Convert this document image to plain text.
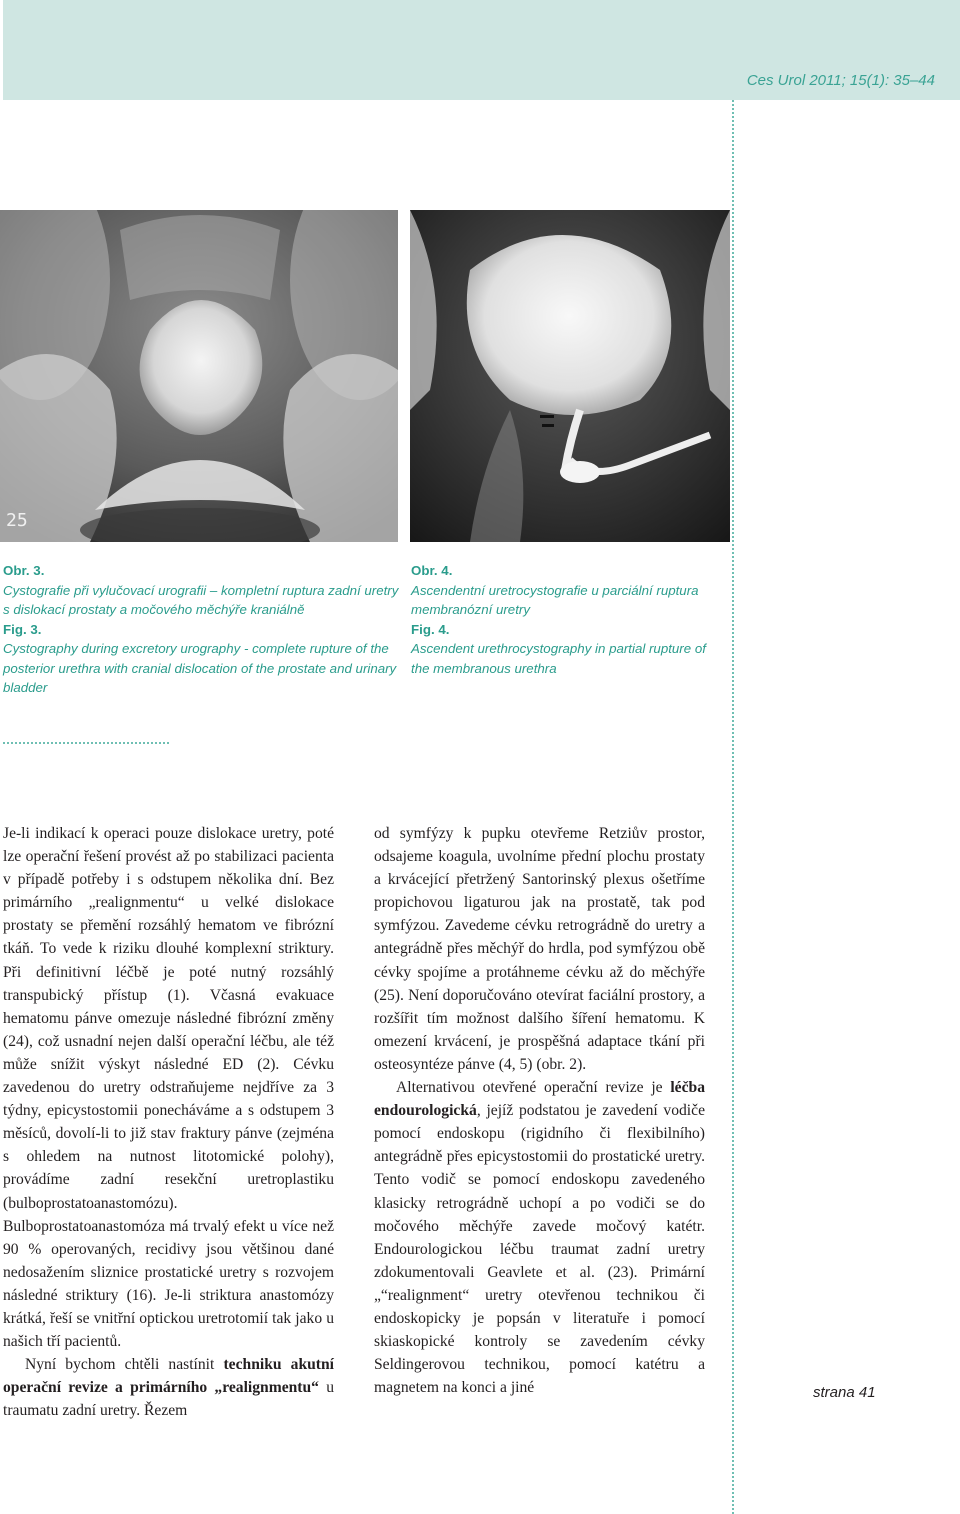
Ces Urol 2011; 15(1): 35–44
25
Obr. 3.
Cystografie při vylučovací urografii – kompletní ruptura zadní uretry s dislokací prostaty a močového měchýře kraniálně
Fig. 3.
Cystography during excretory urography - complete rupture of the posterior urethra with cranial dislocation of the prostate and urinary bladder
Obr. 4.
Ascendentní uretrocystografie u parciální ruptura membranózní uretry
Fig. 4.
Ascendent urethrocystography in partial rupture of the membranous urethra

Je-li indikací k operaci pouze dislokace uretry, poté lze operační řešení provést až po stabilizaci pacienta v případě potřeby i s odstupem několika dní. Bez primárního „realignmentu“ u velké dislokace prostaty se přemění rozsáhlý hematom ve fibrózní tkáň. To vede k riziku dlouhé komplexní striktury. Při definitivní léčbě je poté nutný rozsáhlý transpubický přístup (1). Včasná evakuace hematomu pánve omezuje následné fibrózní změny (24), což usnadní nejen další operační léčbu, ale též může snížit výskyt následné ED (2). Cévku zavedenou do uretry odstraňujeme nejdříve za 3 týdny, epicystostomii ponecháváme a s odstupem 3 měsíců, dovolí-li to již stav fraktury pánve (zejména s ohledem na nutnost litotomické polohy), provádíme zadní resekční uretroplastiku (bulboprostatoanastomózu). Bulboprostatoanastomóza má trvalý efekt u více než 90 % operovaných, recidivy jsou většinou dané nedosažením sliznice prostatické uretry s rozvojem následné striktury (16). Je-li striktura anastomózy krátká, řeší se vnitřní optickou uretrotomií tak jako u našich tří pacientů.

Nyní bychom chtěli nastínit techniku akutní operační revize a primárního „realignmentu“ u traumatu zadní uretry. Řezem

od symfýzy k pupku otevřeme Retziův prostor, odsajeme koagula, uvolníme přední plochu prostaty a krvácející přetržený Santorinský plexus ošetříme propichovou ligaturou jak na prostatě, tak pod symfýzou. Zavedeme cévku retrográdně do uretry a antegrádně přes měchýř do hrdla, pod symfýzou obě cévky spojíme a protáhneme cévku až do měchýře (25). Není doporučováno otevírat faciální prostory, a rozšířit tím možnost dalšího šíření hematomu. K omezení krvácení, je prospěšná adaptace tkání při osteosyntéze pánve (4, 5) (obr. 2).

Alternativou otevřené operační revize je léčba endourologická, jejíž podstatou je zavedení vodiče pomocí endoskopu (rigidního či flexibilního) antegrádně přes epicystostomii do prostatické uretry. Tento vodič se pomocí endoskopu zavedeného klasicky retrográdně uchopí a po vodiči se do močového měchýře zavede močový katétr. Endourologickou léčbu traumat zadní uretry zdokumentovali Geavlete et al. (23). Primární „“realignment“ uretry otevřenou technikou či endoskopicky je popsán v literatuře i pomocí skiaskopické kontroly se zavedením cévky Seldingerovou technikou, pomocí katétru a magnetem na konci a jiné	strana 41
